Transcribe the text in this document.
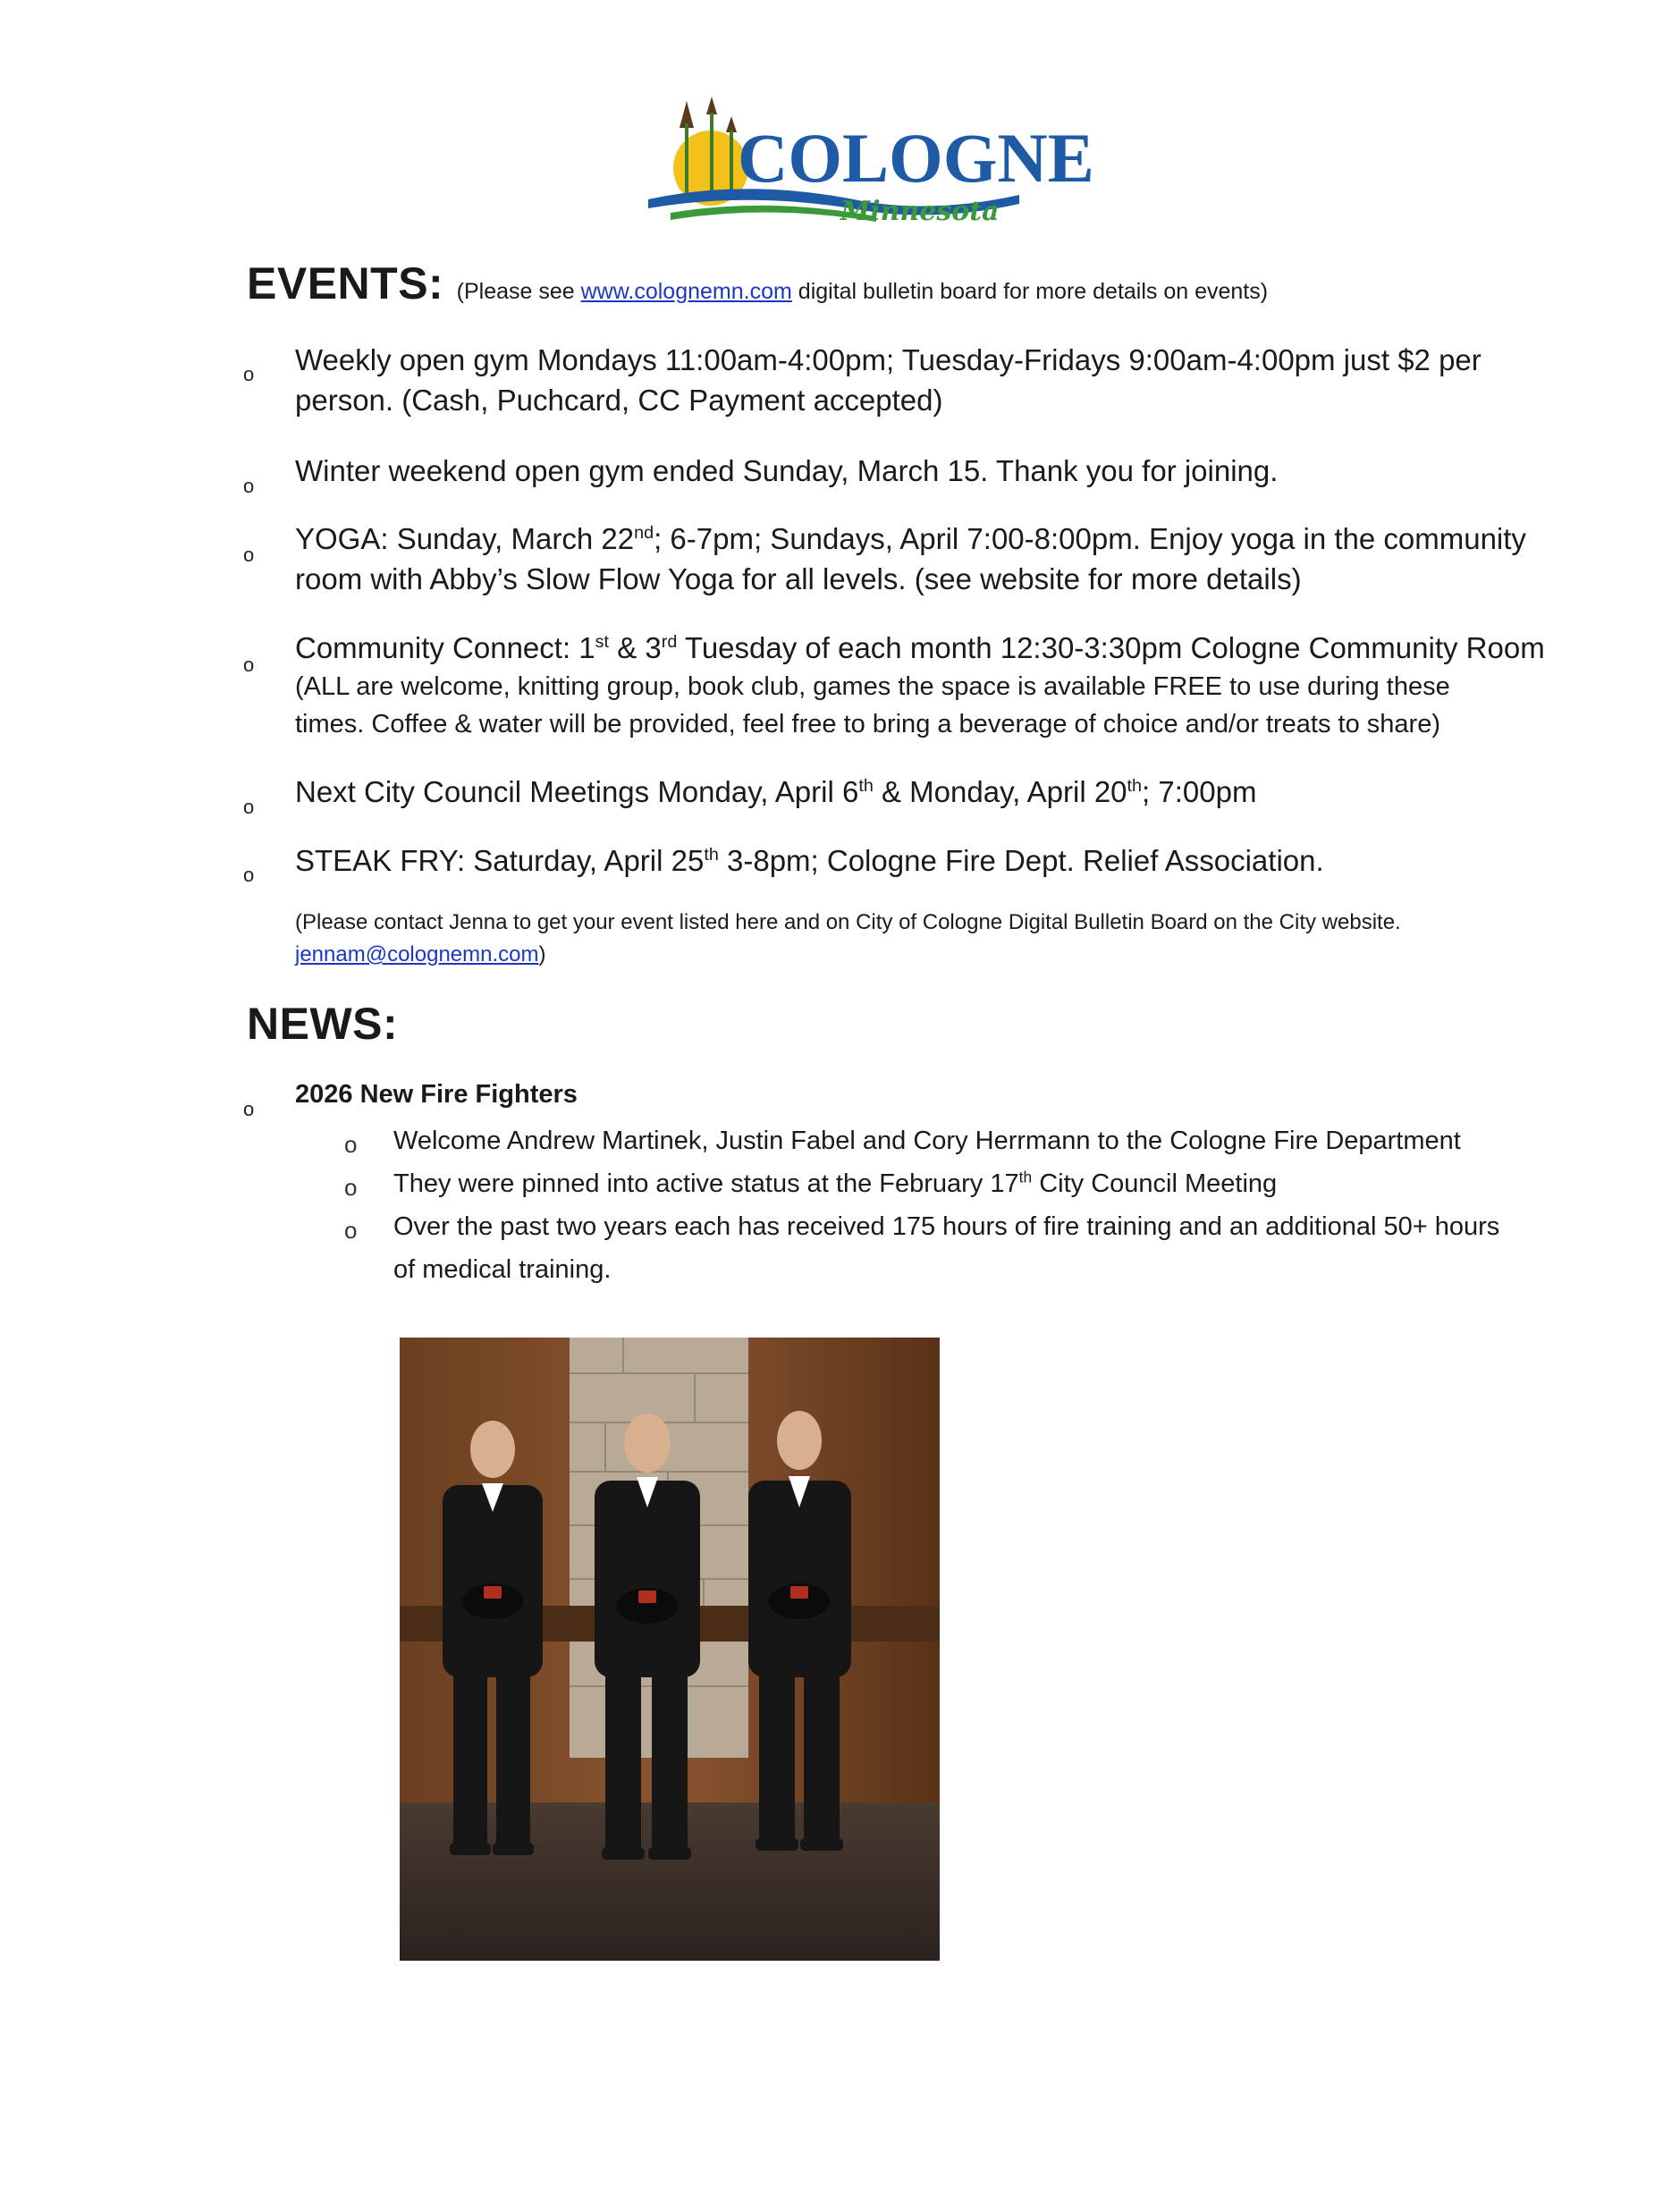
COLOGNE
Minnesota
EVENTS: (Please see www.colognemn.com digital bulletin board for more details on events)
o Weekly open gym Mondays 11:00am-4:00pm; Tuesday-Fridays 9:00am-4:00pm just $2 per
person. (Cash, Puchcard, CC Payment accepted)
o Winter weekend open gym ended Sunday, March 15. Thank you for joining.
o YOGA: Sunday, March 22nd; 6-7pm; Sundays, April 7:00-8:00pm. Enjoy yoga in the community
room with Abby’s Slow Flow Yoga for all levels. (see website for more details)
o
Community Connect: 1st & 3rd Tuesday of each month 12:30-3:30pm Cologne Community Room
(ALL are welcome, knitting group, book club, games the space is available FREE to use during these
times. Coffee & water will be provided, feel free to bring a beverage of choice and/or treats to share)
o Next City Council Meetings Monday, April 6th & Monday, April 20th; 7:00pm
o STEAK FRY: Saturday, April 25th 3-8pm; Cologne Fire Dept. Relief Association.
(Please contact Jenna to get your event listed here and on City of Cologne Digital Bulletin Board on the City website.
jennam@colognemn.com)
NEWS:
o
2026 New Fire Fighters
o Welcome Andrew Martinek, Justin Fabel and Cory Herrmann to the Cologne Fire Department
o They were pinned into active status at the February 17th City Council Meeting
o Over the past two years each has received 175 hours of fire training and an additional 50+ hours
of medical training.
